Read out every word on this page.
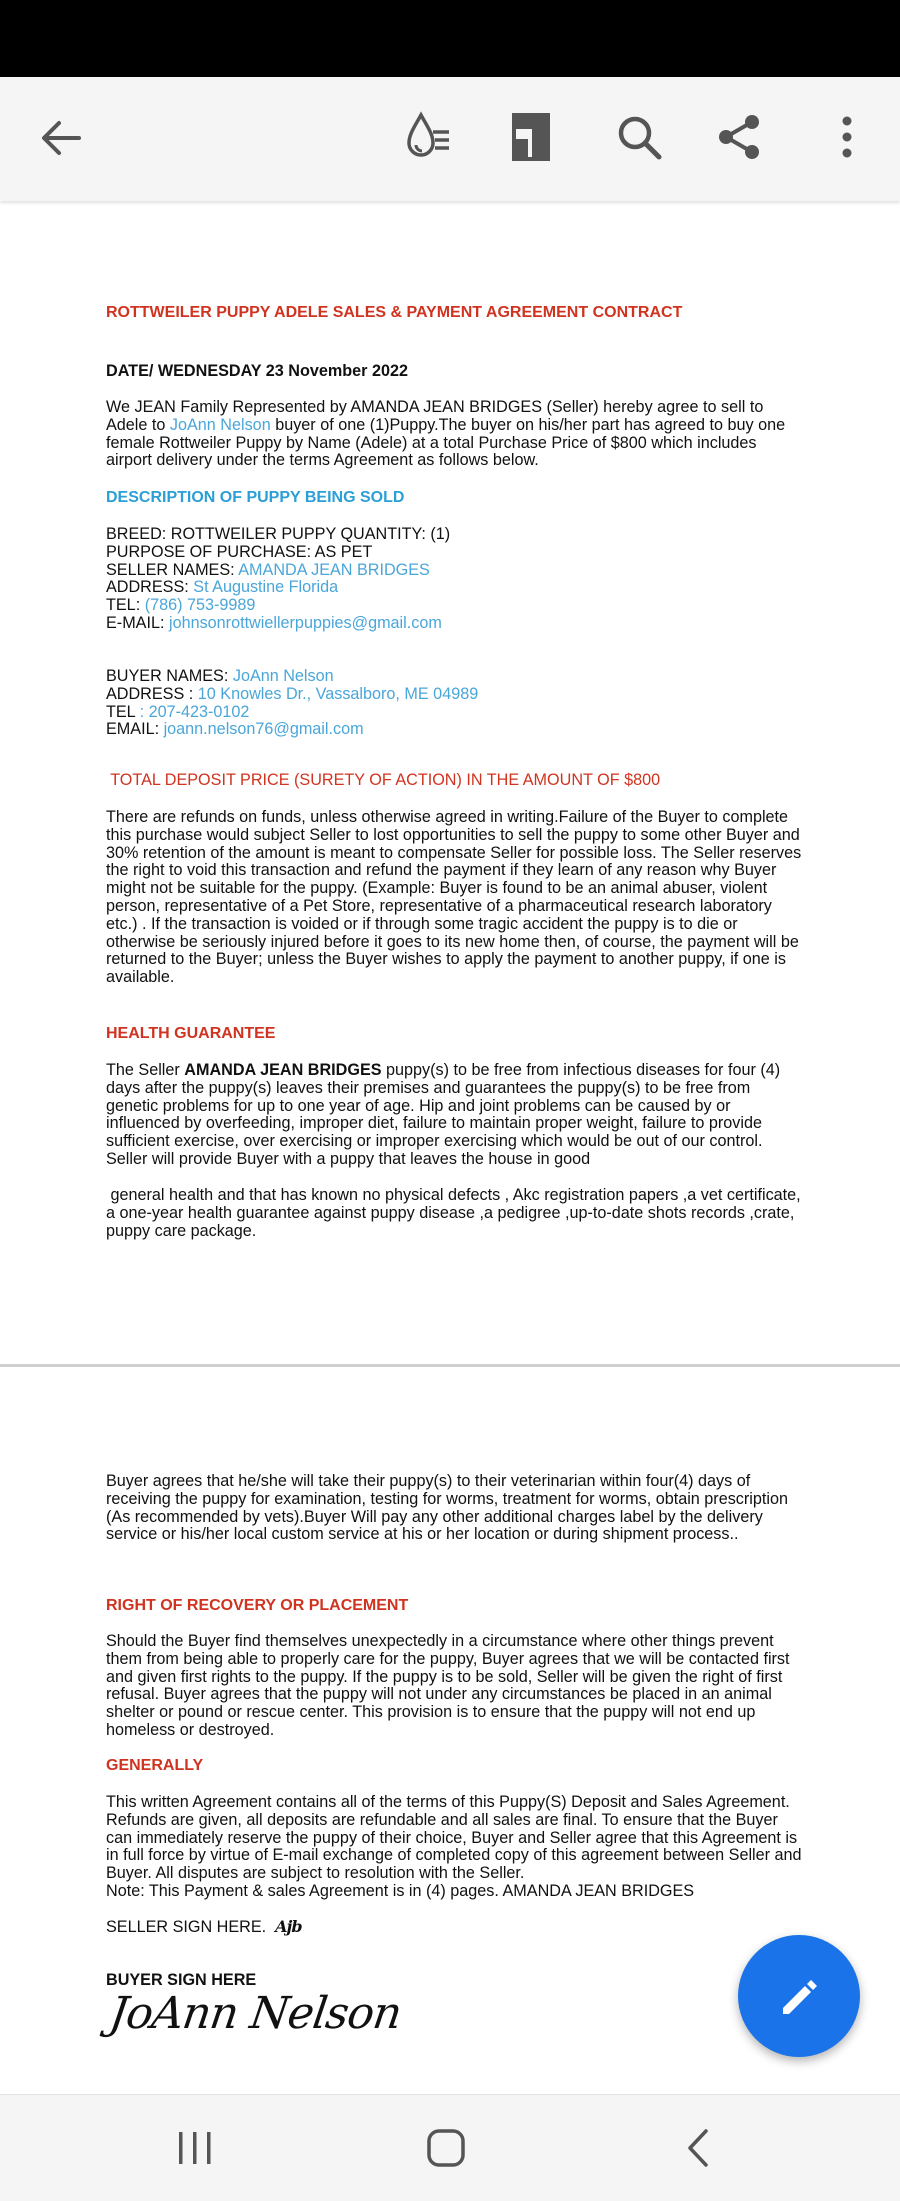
ROTTWEILER PUPPY ADELE SALES & PAYMENT AGREEMENT CONTRACT

DATE/ WEDNESDAY 23 November 2022

We JEAN Family Represented by AMANDA JEAN BRIDGES (Seller) hereby agree to sell to Adele to JoAnn Nelson buyer of one (1)Puppy.The buyer on his/her part has agreed to buy one female Rottweiler Puppy by Name (Adele) at a total Purchase Price of $800 which includes airport delivery under the terms Agreement as follows below.

DESCRIPTION OF PUPPY BEING SOLD

BREED: ROTTWEILER PUPPY QUANTITY: (1)

PURPOSE OF PURCHASE: AS PET

SELLER NAMES: AMANDA JEAN BRIDGES

ADDRESS: St Augustine Florida

TEL: (786) 753-9989

E-MAIL: johnsonrottwiellerpuppies@gmail.com

BUYER NAMES: JoAnn Nelson

ADDRESS : 10 Knowles Dr., Vassalboro, ME 04989

TEL : 207-423-0102

EMAIL: joann.nelson76@gmail.com

TOTAL DEPOSIT PRICE (SURETY OF ACTION) IN THE AMOUNT OF $800

There are refunds on funds, unless otherwise agreed in writing.Failure of the Buyer to complete this purchase would subject Seller to lost opportunities to sell the puppy to some other Buyer and 30% retention of the amount is meant to compensate Seller for possible loss. The Seller reserves the right to void this transaction and refund the payment if they learn of any reason why Buyer might not be suitable for the puppy. (Example: Buyer is found to be an animal abuser, violent person, representative of a Pet Store, representative of a pharmaceutical research laboratory etc.) . If the transaction is voided or if through some tragic accident the puppy is to die or otherwise be seriously injured before it goes to its new home then, of course, the payment will be returned to the Buyer; unless the Buyer wishes to apply the payment to another puppy, if one is available.

HEALTH GUARANTEE

The Seller AMANDA JEAN BRIDGES puppy(s) to be free from infectious diseases for four (4) days after the puppy(s) leaves their premises and guarantees the puppy(s) to be free from genetic problems for up to one year of age. Hip and joint problems can be caused by or influenced by overfeeding, improper diet, failure to maintain proper weight, failure to provide sufficient exercise, over exercising or improper exercising which would be out of our control. Seller will provide Buyer with a puppy that leaves the house in good

general health and that has known no physical defects , Akc registration papers ,a vet certificate, a one-year health guarantee against puppy disease ,a pedigree ,up-to-date shots records ,crate, puppy care package.

Buyer agrees that he/she will take their puppy(s) to their veterinarian within four(4) days of receiving the puppy for examination, testing for worms, treatment for worms, obtain prescription (As recommended by vets).Buyer Will pay any other additional charges label by the delivery service or his/her local custom service at his or her location or during shipment process..

RIGHT OF RECOVERY OR PLACEMENT

Should the Buyer find themselves unexpectedly in a circumstance where other things prevent them from being able to properly care for the puppy, Buyer agrees that we will be contacted first and given first rights to the puppy. If the puppy is to be sold, Seller will be given the right of first refusal. Buyer agrees that the puppy will not under any circumstances be placed in an animal shelter or pound or rescue center. This provision is to ensure that the puppy will not end up homeless or destroyed.

GENERALLY

This written Agreement contains all of the terms of this Puppy(S) Deposit and Sales Agreement. Refunds are given, all deposits are refundable and all sales are final. To ensure that the Buyer can immediately reserve the puppy of their choice, Buyer and Seller agree that this Agreement is in full force by virtue of E-mail exchange of completed copy of this agreement between Seller and Buyer. All disputes are subject to resolution with the Seller.

Note: This Payment & sales Agreement is in (4) pages. AMANDA JEAN BRIDGES

SELLER SIGN HERE.  Ajb

BUYER SIGN HERE

JoAnn Nelson
